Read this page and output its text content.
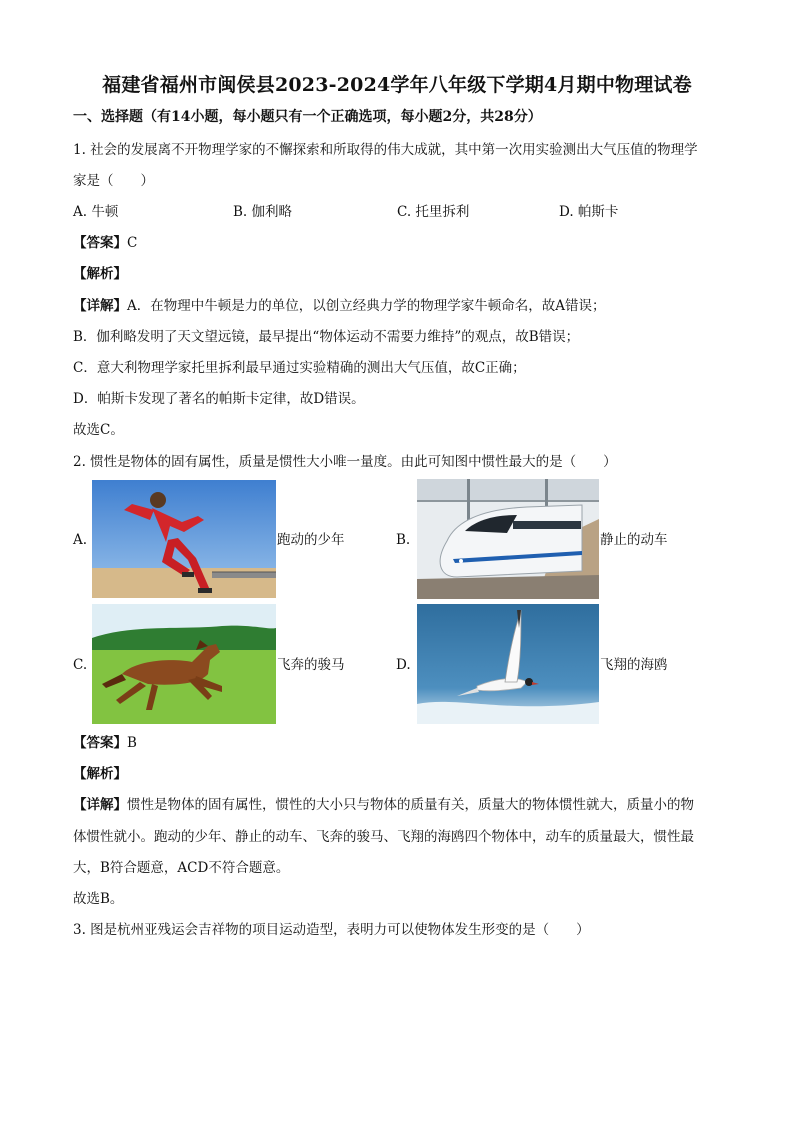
福建省福州市闽侯县2023-2024学年八年级下学期4月期中物理试卷
一、选择题（有14小题，每小题只有一个正确选项，每小题2分，共28分）
1. 社会的发展离不开物理学家的不懈探索和所取得的伟大成就，其中第一次用实验测出大气压值的物理学
家是（　　）
A. 牛顿	B. 伽利略	C. 托里拆利	D. 帕斯卡
【答案】C
【解析】
【详解】A．在物理中牛顿是力的单位，以创立经典力学的物理学家牛顿命名，故A错误；
B．伽利略发明了天文望远镜，最早提出“物体运动不需要力维持”的观点，故B错误；
C．意大利物理学家托里拆利最早通过实验精确的测出大气压值，故C正确；
D．帕斯卡发现了著名的帕斯卡定律，故D错误。
故选C。
2. 惯性是物体的固有属性，质量是惯性大小唯一量度。由此可知图中惯性最大的是（　　）
A.	跑动的少年	B.	静止的动车
C.	飞奔的骏马	D.	飞翔的海鸥
【答案】B
【解析】
【详解】惯性是物体的固有属性，惯性的大小只与物体的质量有关，质量大的物体惯性就大，质量小的物
体惯性就小。跑动的少年、静止的动车、飞奔的骏马、飞翔的海鸥四个物体中，动车的质量最大，惯性最
大，B符合题意，ACD不符合题意。
故选B。
3. 图是杭州亚残运会吉祥物的项目运动造型，表明力可以使物体发生形变的是（　　）
